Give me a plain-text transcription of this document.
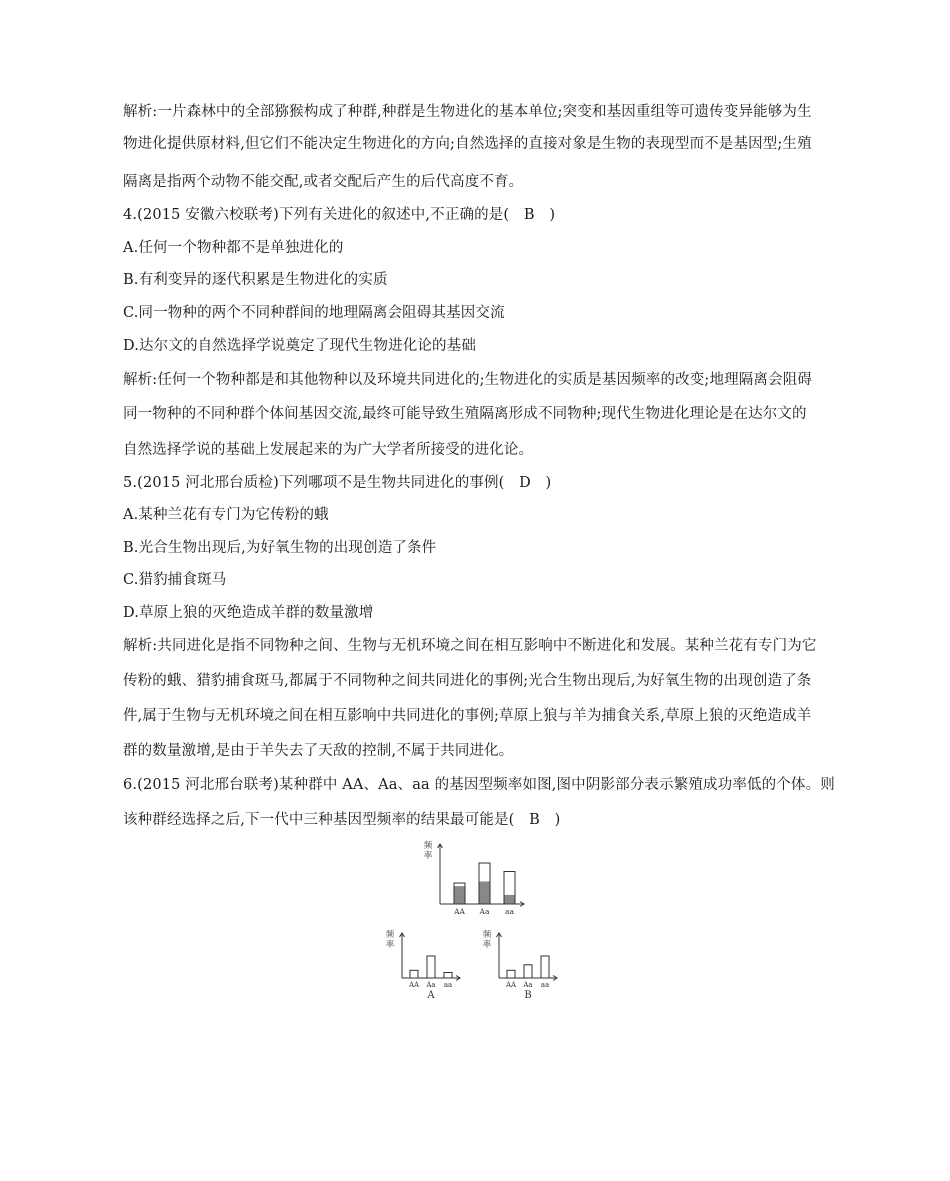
解析:一片森林中的全部猕猴构成了种群,种群是生物进化的基本单位;突变和基因重组等可遗传变异能够为生
物进化提供原材料,但它们不能决定生物进化的方向;自然选择的直接对象是生物的表现型而不是基因型;生殖
隔离是指两个动物不能交配,或者交配后产生的后代高度不育。
4.(2015 安徽六校联考)下列有关进化的叙述中,不正确的是(　B　)
A.任何一个物种都不是单独进化的
B.有利变异的逐代积累是生物进化的实质
C.同一物种的两个不同种群间的地理隔离会阻碍其基因交流
D.达尔文的自然选择学说奠定了现代生物进化论的基础
解析:任何一个物种都是和其他物种以及环境共同进化的;生物进化的实质是基因频率的改变;地理隔离会阻碍
同一物种的不同种群个体间基因交流,最终可能导致生殖隔离形成不同物种;现代生物进化理论是在达尔文的
自然选择学说的基础上发展起来的为广大学者所接受的进化论。
5.(2015 河北邢台质检)下列哪项不是生物共同进化的事例(　D　)
A.某种兰花有专门为它传粉的蛾
B.光合生物出现后,为好氧生物的出现创造了条件
C.猎豹捕食斑马
D.草原上狼的灭绝造成羊群的数量激增
解析:共同进化是指不同物种之间、生物与无机环境之间在相互影响中不断进化和发展。某种兰花有专门为它
传粉的蛾、猎豹捕食斑马,都属于不同物种之间共同进化的事例;光合生物出现后,为好氧生物的出现创造了条
件,属于生物与无机环境之间在相互影响中共同进化的事例;草原上狼与羊为捕食关系,草原上狼的灭绝造成羊
群的数量激增,是由于羊失去了天敌的控制,不属于共同进化。
6.(2015 河北邢台联考)某种群中 AA、Aa、aa 的基因型频率如图,图中阴影部分表示繁殖成功率低的个体。则
该种群经选择之后,下一代中三种基因型频率的结果最可能是(　B　)
频
率
AA Aa aa
频
率
AA Aa aa
A
频
率
AA Aa aa
B
